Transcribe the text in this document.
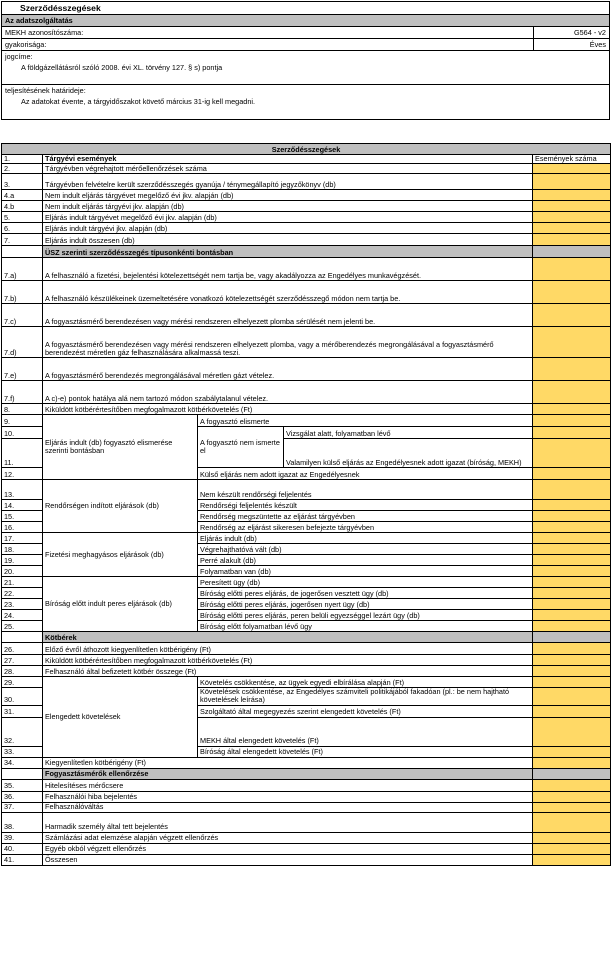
Szerződésszegések
Az adatszolgáltatás
MEKH azonosítószáma:	G564 - v2
gyakorisága:	Éves
jogcíme:
A földgázellátásról szóló 2008. évi XL. törvény 127. § s) pontja
teljesítésének határideje:
Az adatokat évente, a tárgyidőszakot követő március 31-ig kell megadni.
Szerződésszegések				
1.	Tárgyévi események			Események száma
2.	Tárgyévben végrehajtott mérőellenőrzések száma			
3.	Tárgyévben felvételre került szerződésszegés gyanúja / ténymegállapító jegyzőkönyv (db)			
4.a	Nem indult eljárás tárgyévet megelőző évi jkv. alapján (db)			
4.b	Nem indult eljárás tárgyévi jkv. alapján (db)			
5.	Eljárás indult tárgyévet megelőző évi jkv. alapján (db)			
6.	Eljárás indult tárgyévi jkv. alapján (db)			
7.	Eljárás indult összesen (db)			
	ÜSZ szerinti szerződésszegés típusonkénti bontásban			
7.a)	A felhasználó a fizetési, bejelentési kötelezettségét nem tartja be, vagy akadályozza az Engedélyes munkavégzését.			
7.b)	A felhasználó készülékeinek üzemeltetésére vonatkozó kötelezettségét szerződésszegő módon nem tartja be.			
7.c)	A fogyasztásmérő berendezésen vagy mérési rendszeren elhelyezett plomba sérülését nem jelenti be.			
7.d)	A fogyasztásmérő berendezésen vagy mérési rendszeren elhelyezett plomba, vagy a mérőberendezés megrongálásával a fogyasztásmérő berendezést méretlen gáz felhasználására alkalmassá teszi.			
7.e)	A fogyasztásmérő berendezés megrongálásával méretlen gázt vételez.			
7.f)	A c)-e) pontok hatálya alá nem tartozó módon szabálytalanul vételez.			
8.	Kiküldött kötbérértesítőben megfogalmazott kötbérkövetelés (Ft)			
9.	Eljárás indult (db) fogyasztó elismerése szerinti bontásban	A fogyasztó elismerte		
10.		A fogyasztó nem ismerte el	Vizsgálat alatt, folyamatban lévő	
11.			Valamilyen külső eljárás az Engedélyesnek adott igazat (bíróság, MEKH)	
12.		Külső eljárás nem adott igazat az Engedélyesnek		
13.	Rendőrségen indított eljárások (db)	Nem készült rendőrségi feljelentés		
14.		Rendőrségi feljelentés készült		
15.		Rendőrség megszüntette az eljárást tárgyévben		
16.		Rendőrség az eljárást sikeresen befejezte tárgyévben		
17.	Fizetési meghagyásos eljárások (db)	Eljárás indult (db)		
18.		Végrehajthatóvá vált (db)		
19.		Perré alakult (db)		
20.		Folyamatban van (db)		
21.	Bíróság előtt indult peres eljárások (db)	Peresített ügy (db)		
22.		Bíróság előtti peres eljárás, de jogerősen vesztett ügy (db)		
23.		Bíróság előtti peres eljárás, jogerősen nyert ügy (db)		
24.		Bíróság előtti peres eljárás, peren belüli egyezséggel lezárt ügy (db)		
25.		Bíróság előtt folyamatban lévő ügy		
	Kötbérek			
26.	Előző évről áthozott kiegyenlítetlen kötbérigény (Ft)			
27.	Kiküldött kötbérértesítőben megfogalmazott kötbérkövetelés (Ft)			
28.	Felhasználó által befizetett kötbér összege (Ft)			
29.	Elengedett követelések	Követelés csökkentése, az ügyek egyedi elbírálása alapján (Ft)		
30.		Követelések csökkentése, az Engedélyes számviteli politikájából fakadóan (pl.: be nem hajtható követelések leírása)		
31.		Szolgáltató által megegyezés szerint elengedett követelés (Ft)		
32.		MEKH által elengedett követelés (Ft)		
33.		Bíróság által elengedett követelés (Ft)		
34.	Kiegyenlítetlen kötbérigény (Ft)			
	Fogyasztásmérők ellenőrzése			
35.	Hitelesítéses mérőcsere			
36.	Felhasználói hiba bejelentés			
37.	Felhasználóváltás			
38.	Harmadik személy által tett bejelentés			
39.	Számlázási adat elemzése alapján végzett ellenőrzés			
40.	Egyéb okból végzett ellenőrzés			
41.	Összesen			
